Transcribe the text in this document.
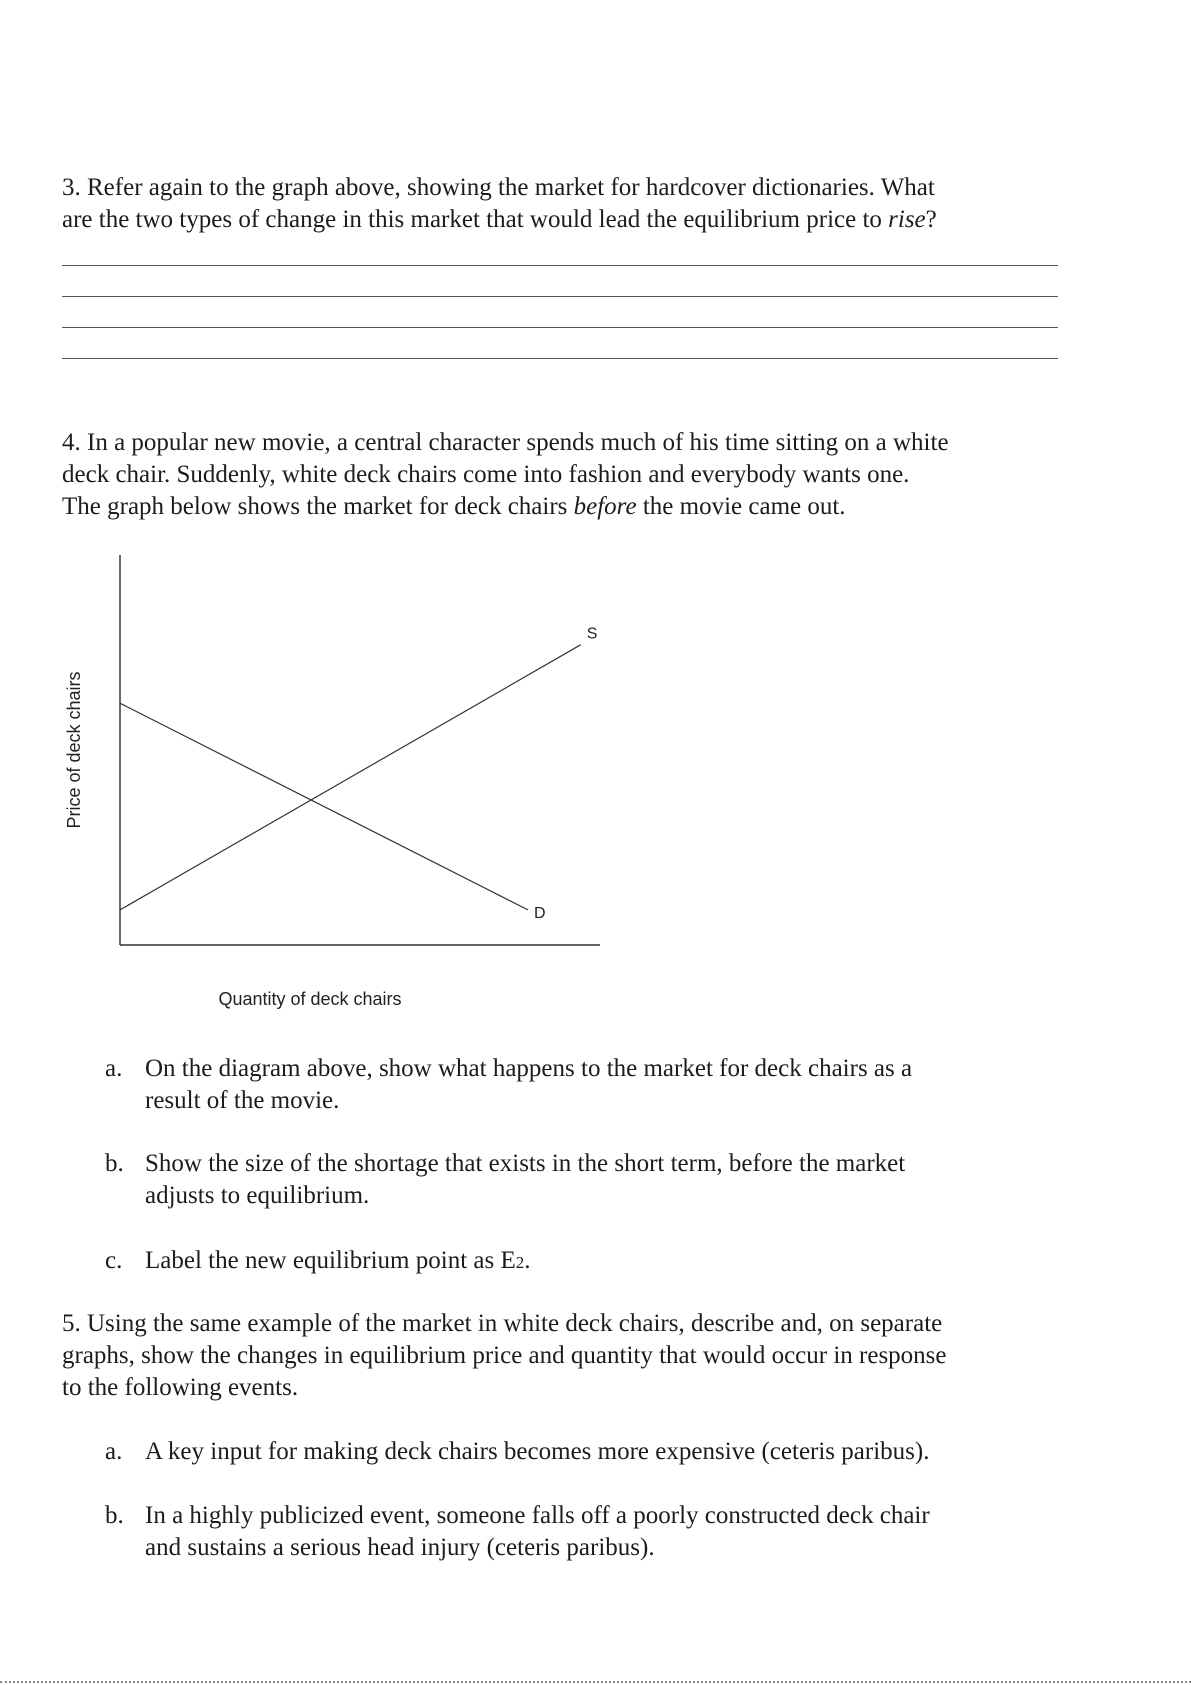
3. Refer again to the graph above, showing the market for hardcover dictionaries. What

are the two types of change in this market that would lead the equilibrium price to rise?

4. In a popular new movie, a central character spends much of his time sitting on a white

deck chair. Suddenly, white deck chairs come into fashion and everybody wants one.

The graph below shows the market for deck chairs before the movie came out.

S
D
Quantity of deck chairs
Price of deck chairs
a. On the diagram above, show what happens to the market for deck chairs as a
result of the movie.
b. Show the size of the shortage that exists in the short term, before the market
adjusts to equilibrium.
c. Label the new equilibrium point as E2.

5. Using the same example of the market in white deck chairs, describe and, on separate

graphs, show the changes in equilibrium price and quantity that would occur in response

to the following events.

a. A key input for making deck chairs becomes more expensive (ceteris paribus).
b. In a highly publicized event, someone falls off a poorly constructed deck chair
and sustains a serious head injury (ceteris paribus).
